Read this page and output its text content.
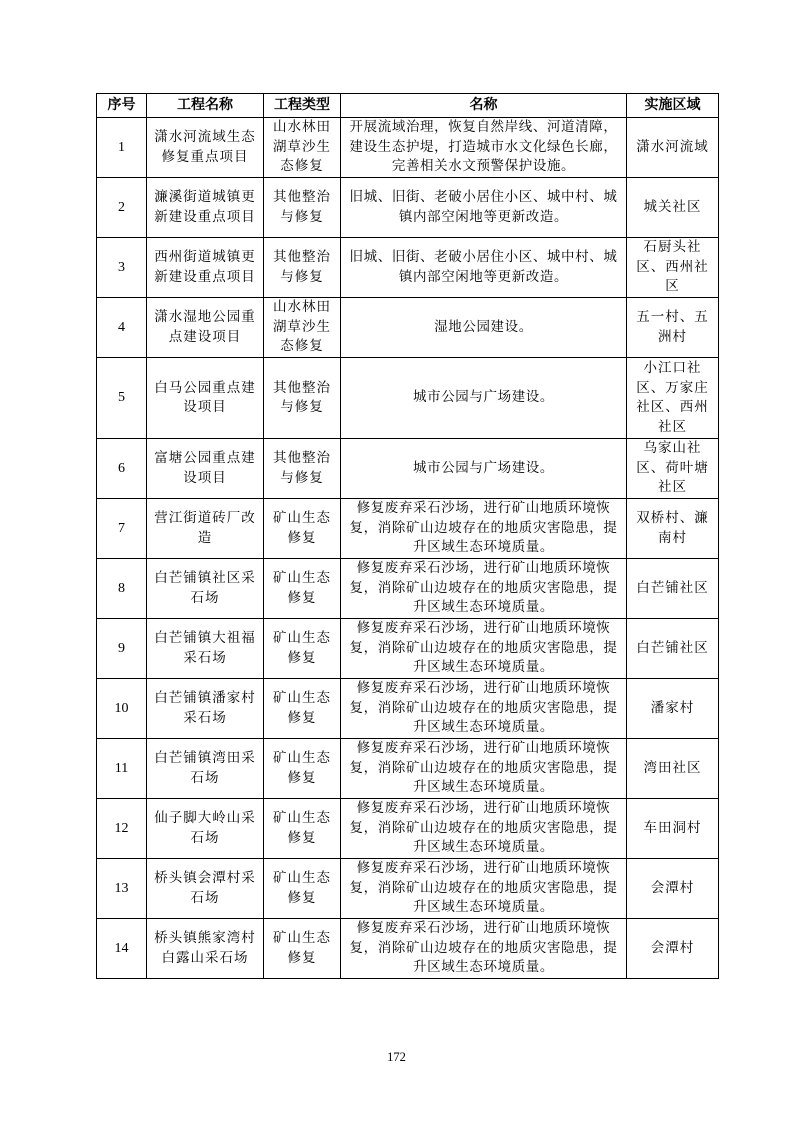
序号	工程名称	工程类型	名称	实施区域
1	潇水河流域生态修复重点项目	山水林田湖草沙生态修复	开展流域治理，恢复自然岸线、河道清障，建设生态护堤，打造城市水文化绿色长廊，完善相关水文预警保护设施。	潇水河流域
2	濂溪街道城镇更新建设重点项目	其他整治与修复	旧城、旧街、老破小居住小区、城中村、城镇内部空闲地等更新改造。	城关社区
3	西州街道城镇更新建设重点项目	其他整治与修复	旧城、旧街、老破小居住小区、城中村、城镇内部空闲地等更新改造。	石厨头社区、西州社区
4	潇水湿地公园重点建设项目	山水林田湖草沙生态修复	湿地公园建设。	五一村、五洲村
5	白马公园重点建设项目	其他整治与修复	城市公园与广场建设。	小江口社区、万家庄社区、西州社区
6	富塘公园重点建设项目	其他整治与修复	城市公园与广场建设。	乌家山社区、荷叶塘社区
7	营江街道砖厂改造	矿山生态修复	修复废弃采石沙场，进行矿山地质环境恢复，消除矿山边坡存在的地质灾害隐患，提升区域生态环境质量。	双桥村、濂南村
8	白芒铺镇社区采石场	矿山生态修复	修复废弃采石沙场，进行矿山地质环境恢复，消除矿山边坡存在的地质灾害隐患，提升区域生态环境质量。	白芒铺社区
9	白芒铺镇大祖福采石场	矿山生态修复	修复废弃采石沙场，进行矿山地质环境恢复，消除矿山边坡存在的地质灾害隐患，提升区域生态环境质量。	白芒铺社区
10	白芒铺镇潘家村采石场	矿山生态修复	修复废弃采石沙场，进行矿山地质环境恢复，消除矿山边坡存在的地质灾害隐患，提升区域生态环境质量。	潘家村
11	白芒铺镇湾田采石场	矿山生态修复	修复废弃采石沙场，进行矿山地质环境恢复，消除矿山边坡存在的地质灾害隐患，提升区域生态环境质量。	湾田社区
12	仙子脚大岭山采石场	矿山生态修复	修复废弃采石沙场，进行矿山地质环境恢复，消除矿山边坡存在的地质灾害隐患，提升区域生态环境质量。	车田洞村
13	桥头镇会潭村采石场	矿山生态修复	修复废弃采石沙场，进行矿山地质环境恢复，消除矿山边坡存在的地质灾害隐患，提升区域生态环境质量。	会潭村
14	桥头镇熊家湾村白露山采石场	矿山生态修复	修复废弃采石沙场，进行矿山地质环境恢复，消除矿山边坡存在的地质灾害隐患，提升区域生态环境质量。	会潭村
172
